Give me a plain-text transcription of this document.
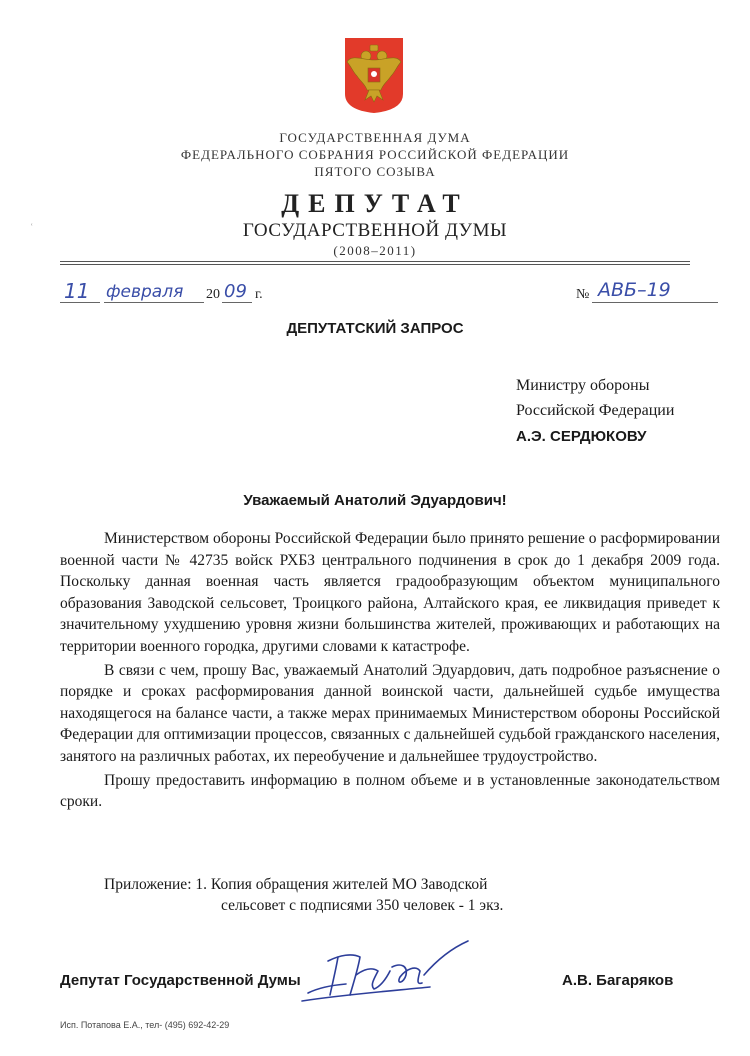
ГОСУДАРСТВЕННАЯ ДУМА
ФЕДЕРАЛЬНОГО СОБРАНИЯ РОССИЙСКОЙ ФЕДЕРАЦИИ
ПЯТОГО СОЗЫВА
ДЕПУТАТ
ГОСУДАРСТВЕННОЙ ДУМЫ
(2008–2011)
˓
11 февраля 20 09 г.	№ АВБ–19
ДЕПУТАТСКИЙ ЗАПРОС
Министру обороны
Российской Федерации
А.Э. СЕРДЮКОВУ
Уважаемый Анатолий Эдуардович!

Министерством обороны Российской Федерации было принято решение о расформировании военной части № 42735 войск РХБЗ центрального подчинения в срок до 1 декабря 2009 года. Поскольку данная военная часть является градообразующим объектом муниципального образования Заводской сельсовет, Троицкого района, Алтайского края, ее ликвидация приведет к значительному ухудшению уровня жизни большинства жителей, проживающих и работающих на территории военного городка, другими словами к катастрофе.

В связи с чем, прошу Вас, уважаемый Анатолий Эдуардович, дать подробное разъяснение о порядке и сроках расформирования данной воинской части, дальнейшей судьбе имущества находящегося на балансе части, а также мерах принимаемых Министерством обороны Российской Федерации для оптимизации процессов, связанных с дальнейшей судьбой гражданского населения, занятого на различных работах, их переобучение и дальнейшее трудоустройство.

Прошу предоставить информацию в полном объеме и в установленные законодательством сроки.

Приложение: 1. Копия обращения жителей МО Заводской
сельсовет с подписями 350 человек - 1 экз.
Депутат Государственной Думы	А.В. Багаряков
Исп. Потапова Е.А., тел- (495) 692-42-29
